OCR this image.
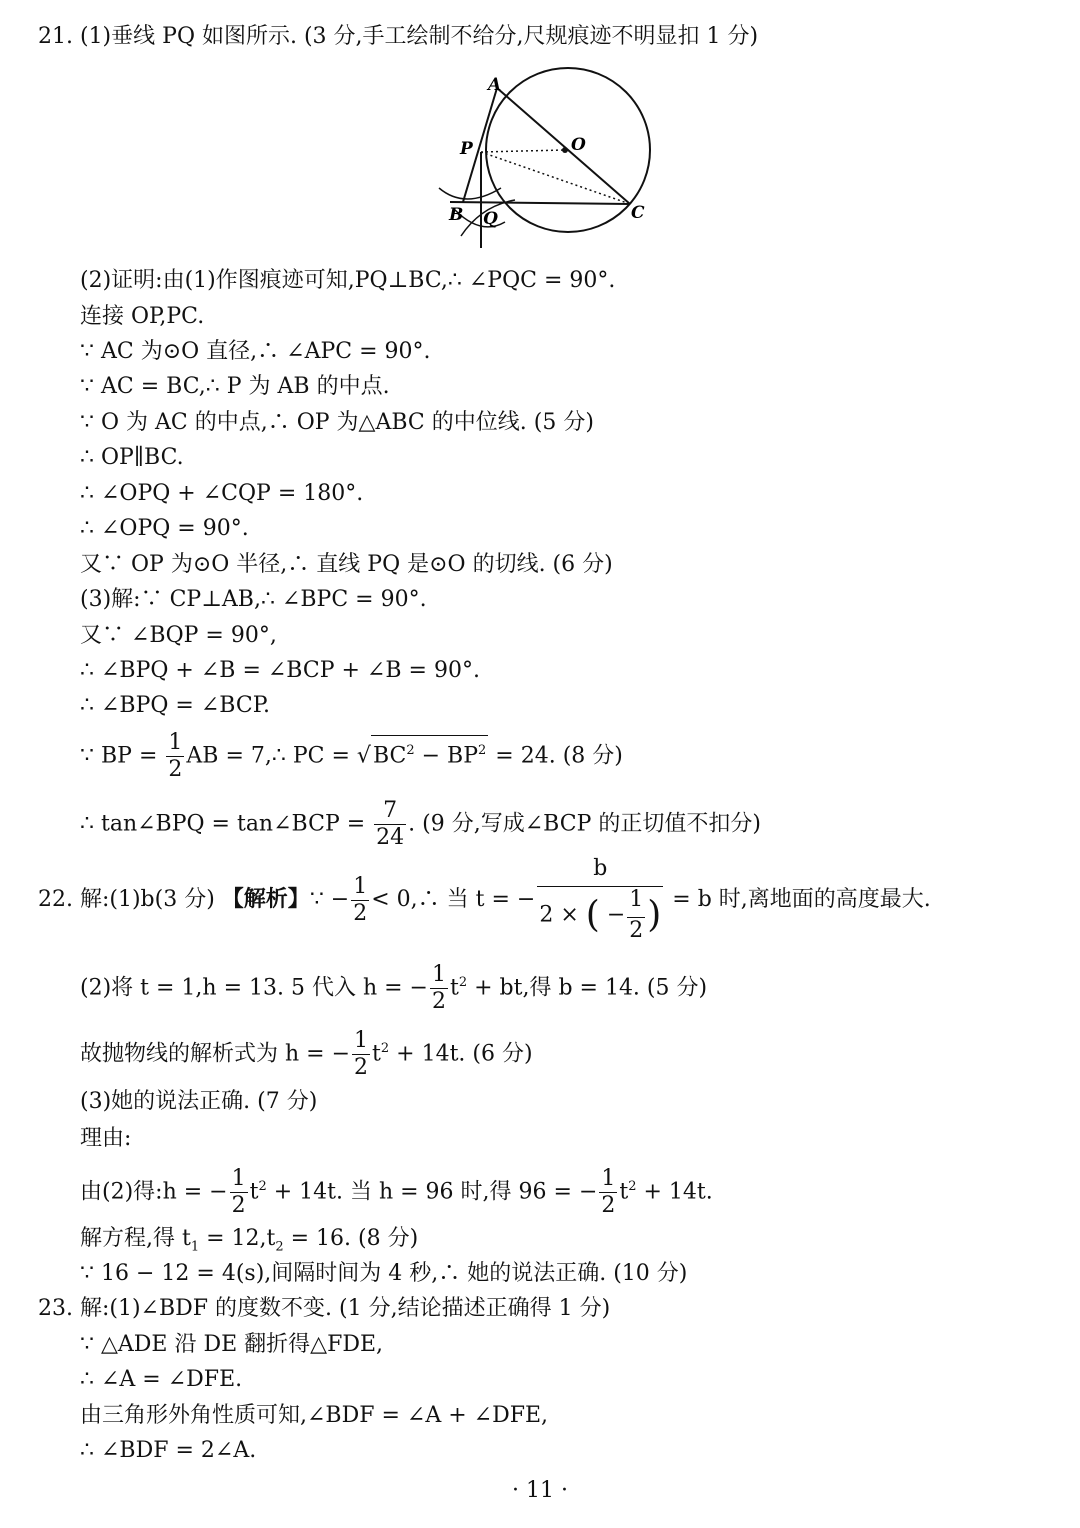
21. (1)垂线 PQ 如图所示. (3 分,手工绘制不给分,尺规痕迹不明显扣 1 分)
A
O
P
B Q	C
(2)证明:由(1)作图痕迹可知,PQ⊥BC,∴ ∠PQC = 90°.
连接 OP,PC.
∵ AC 为⊙O 直径,∴ ∠APC = 90°.
∵ AC = BC,∴ P 为 AB 的中点.
∵ O 为 AC 的中点,∴ OP 为△ABC 的中位线. (5 分)
∴ OP∥BC.
∴ ∠OPQ + ∠CQP = 180°.
∴ ∠OPQ = 90°.
又∵ OP 为⊙O 半径,∴ 直线 PQ 是⊙O 的切线. (6 分)
(3)解:∵ CP⊥AB,∴ ∠BPC = 90°.
又∵ ∠BQP = 90°,
∴ ∠BPQ + ∠B = ∠BCP + ∠B = 90°.
∴ ∠BPQ = ∠BCP.
∵ BP = $\frac{1}{2}$ AB = 7,∴ PC = $√BC^2 - BP^2 = 24$. (8 分)
∴ tan∠BPQ = tan∠BCP = $\frac{7}{24}$ . (9 分,写成∠BCP 的正切值不扣分)
22. 解:(1)b(3 分) 【解析】∵ − $\frac{1}{2}$ < 0,∴ 当 t = − $\frac{b}{2 \times ( - \frac{1}{2} )} = b$ 时,离地面的高度最大.
(2)将 t = 1,h = 13. 5 代入 h = − $\frac{1}{2} t^2$ + bt,得 b = 14. (5 分)
故抛物线的解析式为 h = − $\frac{1}{2} t^2 + 14t$. (6 分)
(3)她的说法正确. (7 分)
理由:
由(2)得:h = − $\frac{1}{2} t^2 + 14t$. 当 h = 96 时,得 96 = − $\frac{1}{2} t^2 + 14t$.
解方程,得 $t_1 = 12,t_2 = 16$. (8 分)
∵ 16 − 12 = 4(s),间隔时间为 4 秒,∴ 她的说法正确. (10 分)
23. 解:(1)∠BDF 的度数不变. (1 分,结论描述正确得 1 分)
∵ △ADE 沿 DE 翻折得△FDE,
∴ ∠A = ∠DFE.
由三角形外角性质可知,∠BDF = ∠A + ∠DFE,
∴ ∠BDF = 2∠A.
· 11 ·
